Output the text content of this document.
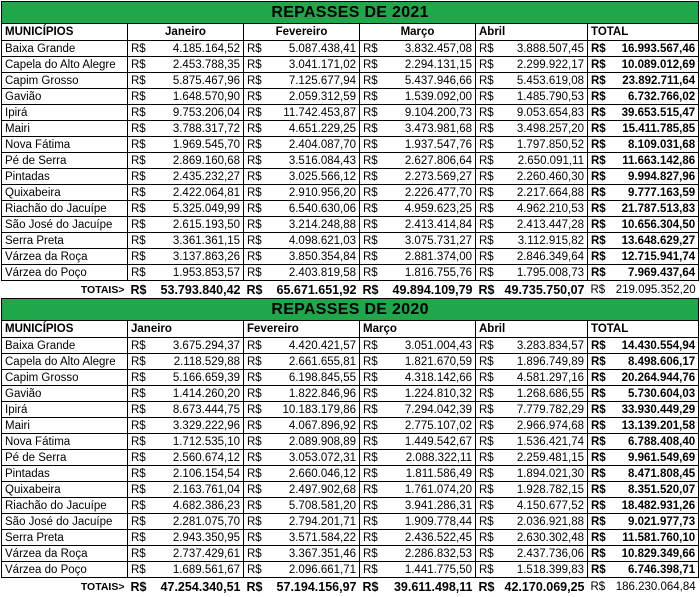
REPASSES DE 2021										
MUNICÍPIOS	Janeiro		Fevereiro		Março		Abril		TOTAL	
Baixa Grande	R$	4.185.164,52	R$	5.087.438,41	R$	3.832.457,08	R$	3.888.507,45	R$	16.993.567,46
Capela do Alto Alegre	R$	2.453.788,35	R$	3.041.171,02	R$	2.294.131,15	R$	2.299.922,17	R$	10.089.012,69
Capim Grosso	R$	5.875.467,96	R$	7.125.677,94	R$	5.437.946,66	R$	5.453.619,08	R$	23.892.711,64
Gavião	R$	1.648.570,90	R$	2.059.312,59	R$	1.539.092,00	R$	1.485.790,53	R$	6.732.766,02
Ipirá	R$	9.753.206,04	R$	11.742.453,87	R$	9.104.200,73	R$	9.053.654,83	R$	39.653.515,47
Mairi	R$	3.788.317,72	R$	4.651.229,25	R$	3.473.981,68	R$	3.498.257,20	R$	15.411.785,85
Nova Fátima	R$	1.969.545,70	R$	2.404.087,70	R$	1.937.547,76	R$	1.797.850,52	R$	8.109.031,68
Pé de Serra	R$	2.869.160,68	R$	3.516.084,43	R$	2.627.806,64	R$	2.650.091,11	R$	11.663.142,86
Pintadas	R$	2.435.232,27	R$	3.025.566,12	R$	2.273.569,27	R$	2.260.460,30	R$	9.994.827,96
Quixabeira	R$	2.422.064,81	R$	2.910.956,20	R$	2.226.477,70	R$	2.217.664,88	R$	9.777.163,59
Riachão do Jacuípe	R$	5.325.049,99	R$	6.540.630,06	R$	4.959.623,25	R$	4.962.210,53	R$	21.787.513,83
São José do Jacuípe	R$	2.615.193,50	R$	3.214.248,88	R$	2.413.414,84	R$	2.413.447,28	R$	10.656.304,50
Serra Preta	R$	3.361.361,15	R$	4.098.621,03	R$	3.075.731,27	R$	3.112.915,82	R$	13.648.629,27
Várzea da Roça	R$	3.137.863,26	R$	3.850.354,84	R$	2.881.374,00	R$	2.846.349,64	R$	12.715.941,74
Várzea do Poço	R$	1.953.853,57	R$	2.403.819,58	R$	1.816.755,76	R$	1.795.008,73	R$	7.969.437,64
TOTAIS>	R$	53.793.840,42	R$	65.671.651,92	R$	49.894.109,79	R$	49.735.750,07	R$	219.095.352,20
REPASSES DE 2020										
MUNICÍPIOS	Janeiro		Fevereiro		Março		Abril		TOTAL	
Baixa Grande	R$	3.675.294,37	R$	4.420.421,57	R$	3.051.004,43	R$	3.283.834,57	R$	14.430.554,94
Capela do Alto Alegre	R$	2.118.529,88	R$	2.661.655,81	R$	1.821.670,59	R$	1.896.749,89	R$	8.498.606,17
Capim Grosso	R$	5.166.659,39	R$	6.198.845,55	R$	4.318.142,66	R$	4.581.297,16	R$	20.264.944,76
Gavião	R$	1.414.260,20	R$	1.822.846,96	R$	1.224.810,32	R$	1.268.686,55	R$	5.730.604,03
Ipirá	R$	8.673.444,75	R$	10.183.179,86	R$	7.294.042,39	R$	7.779.782,29	R$	33.930.449,29
Mairi	R$	3.329.222,96	R$	4.067.896,92	R$	2.775.107,02	R$	2.966.974,68	R$	13.139.201,58
Nova Fátima	R$	1.712.535,10	R$	2.089.908,89	R$	1.449.542,67	R$	1.536.421,74	R$	6.788.408,40
Pé de Serra	R$	2.560.674,12	R$	3.053.072,31	R$	2.088.322,11	R$	2.259.481,15	R$	9.961.549,69
Pintadas	R$	2.106.154,54	R$	2.660.046,12	R$	1.811.586,49	R$	1.894.021,30	R$	8.471.808,45
Quixabeira	R$	2.163.761,04	R$	2.497.902,68	R$	1.761.074,20	R$	1.928.782,15	R$	8.351.520,07
Riachão do Jacuípe	R$	4.682.386,23	R$	5.708.581,20	R$	3.941.286,31	R$	4.150.677,52	R$	18.482.931,26
São José do Jacuípe	R$	2.281.075,70	R$	2.794.201,71	R$	1.909.778,44	R$	2.036.921,88	R$	9.021.977,73
Serra Preta	R$	2.943.350,95	R$	3.571.584,22	R$	2.436.522,45	R$	2.630.302,48	R$	11.581.760,10
Várzea da Roça	R$	2.737.429,61	R$	3.367.351,46	R$	2.286.832,53	R$	2.437.736,06	R$	10.829.349,66
Várzea do Poço	R$	1.689.561,67	R$	2.096.661,71	R$	1.441.775,50	R$	1.518.399,83	R$	6.746.398,71
TOTAIS>	R$	47.254.340,51	R$	57.194.156,97	R$	39.611.498,11	R$	42.170.069,25	R$	186.230.064,84
